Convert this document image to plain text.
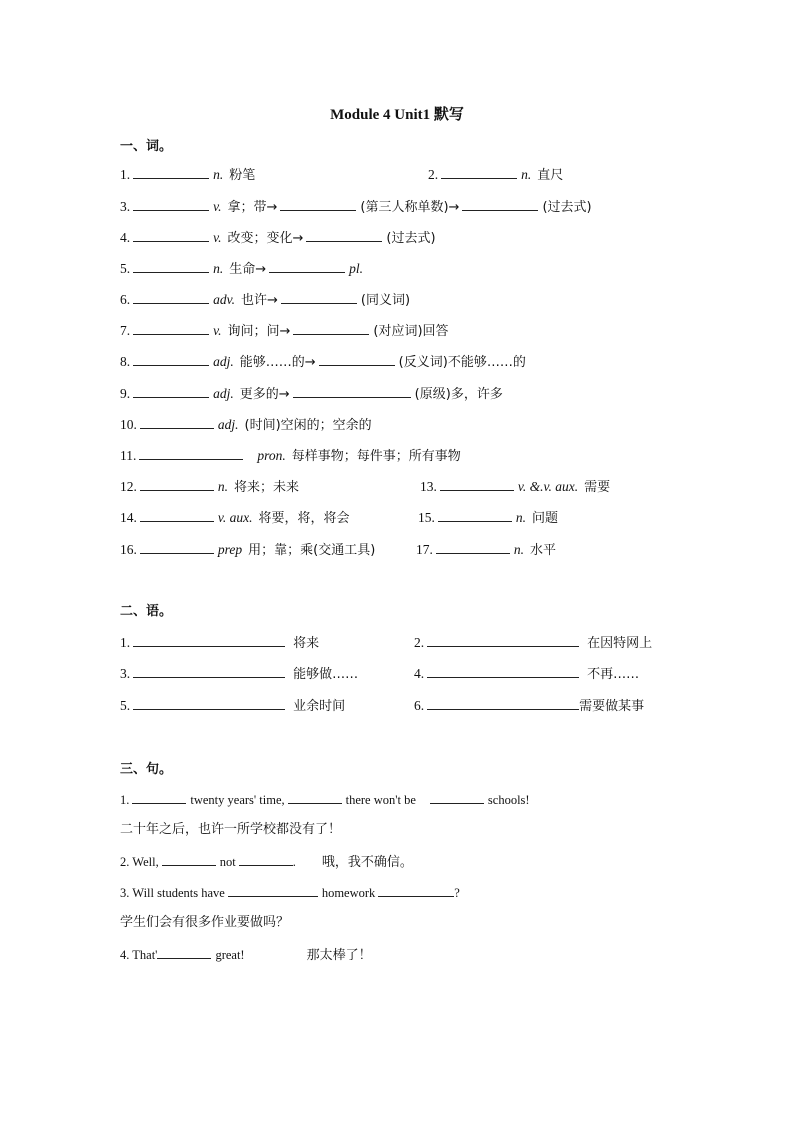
Module 4 Unit1 默写
一、词。
1.	n. 粉笔	2.	n. 直尺
3.	v. 拿；带→	(第三人称单数)→	(过去式)
4.	v. 改变；变化→	(过去式)
5.	n. 生命→	pl.
6.	adv. 也许→	(同义词)
7.	v. 询问；问→	(对应词)回答
8.	adj. 能够……的→	(反义词)不能够……的
9.	adj. 更多的→	(原级)多，许多
10.	adj. (时间)空闲的；空余的
11.	pron. 每样事物；每件事；所有事物
12.	n. 将来；未来	13.	v. &.v. aux. 需要
14.	v. aux. 将要，将，将会	15.	n. 问题
16.	prep 用；靠；乘(交通工具)	17.	n. 水平
二、语。
1.	将来	2.	在因特网上
3.	能够做……	4.	不再……
5.	业余时间	6.	需要做某事
三、句。
1.	twenty years' time,	there won't be	schools!
二十年之后，也许一所学校都没有了！
2. Well,	not	. 哦，我不确信。
3. Will students have	homework	?
学生们会有很多作业要做吗？
4. That'	great!	那太棒了！
